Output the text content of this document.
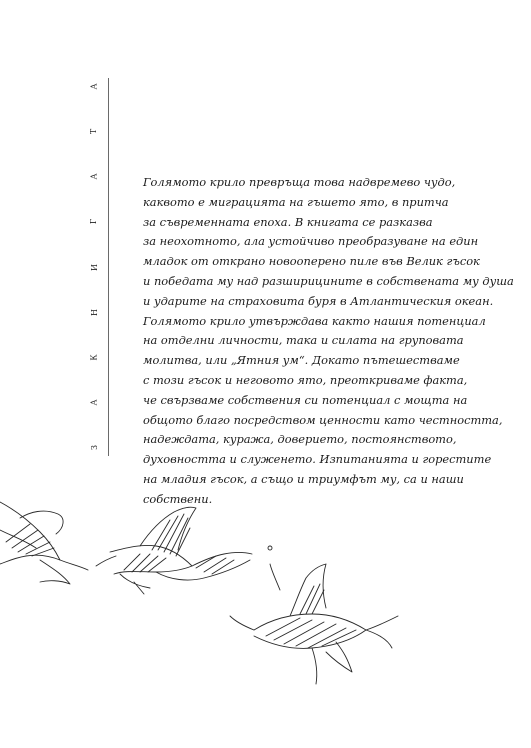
З
А
К
Н
И
Г
А
Т
А
Голямото крило превръща това надвремево чудо,
каквото е миграцията на гъшето ято, в притча
за съвременната епоха. В книгата се разказва
за неохотното, ала устойчиво преобразуване на един
младок от открано новооперено пиле във Велик гъсок
и победата му над разширицините в собствената му душа
и ударите на страховита буря в Атлантическия океан.
Голямото крило утвърждава както нашия потенциал
на отделни личности, така и силата на груповата
молитва, или „Ятния ум“. Докато пътешестваме
с този гъсок и неговото ято, преоткриваме факта,
че свързваме собствения си потенциал с мощта на
общото благо посредством ценности като честността,
надеждата, куража, доверието, постоянството,
духовността и служенето. Изпитанията и горестите
на младия гъсок, а също и триумфът му, са и наши
собствени.
